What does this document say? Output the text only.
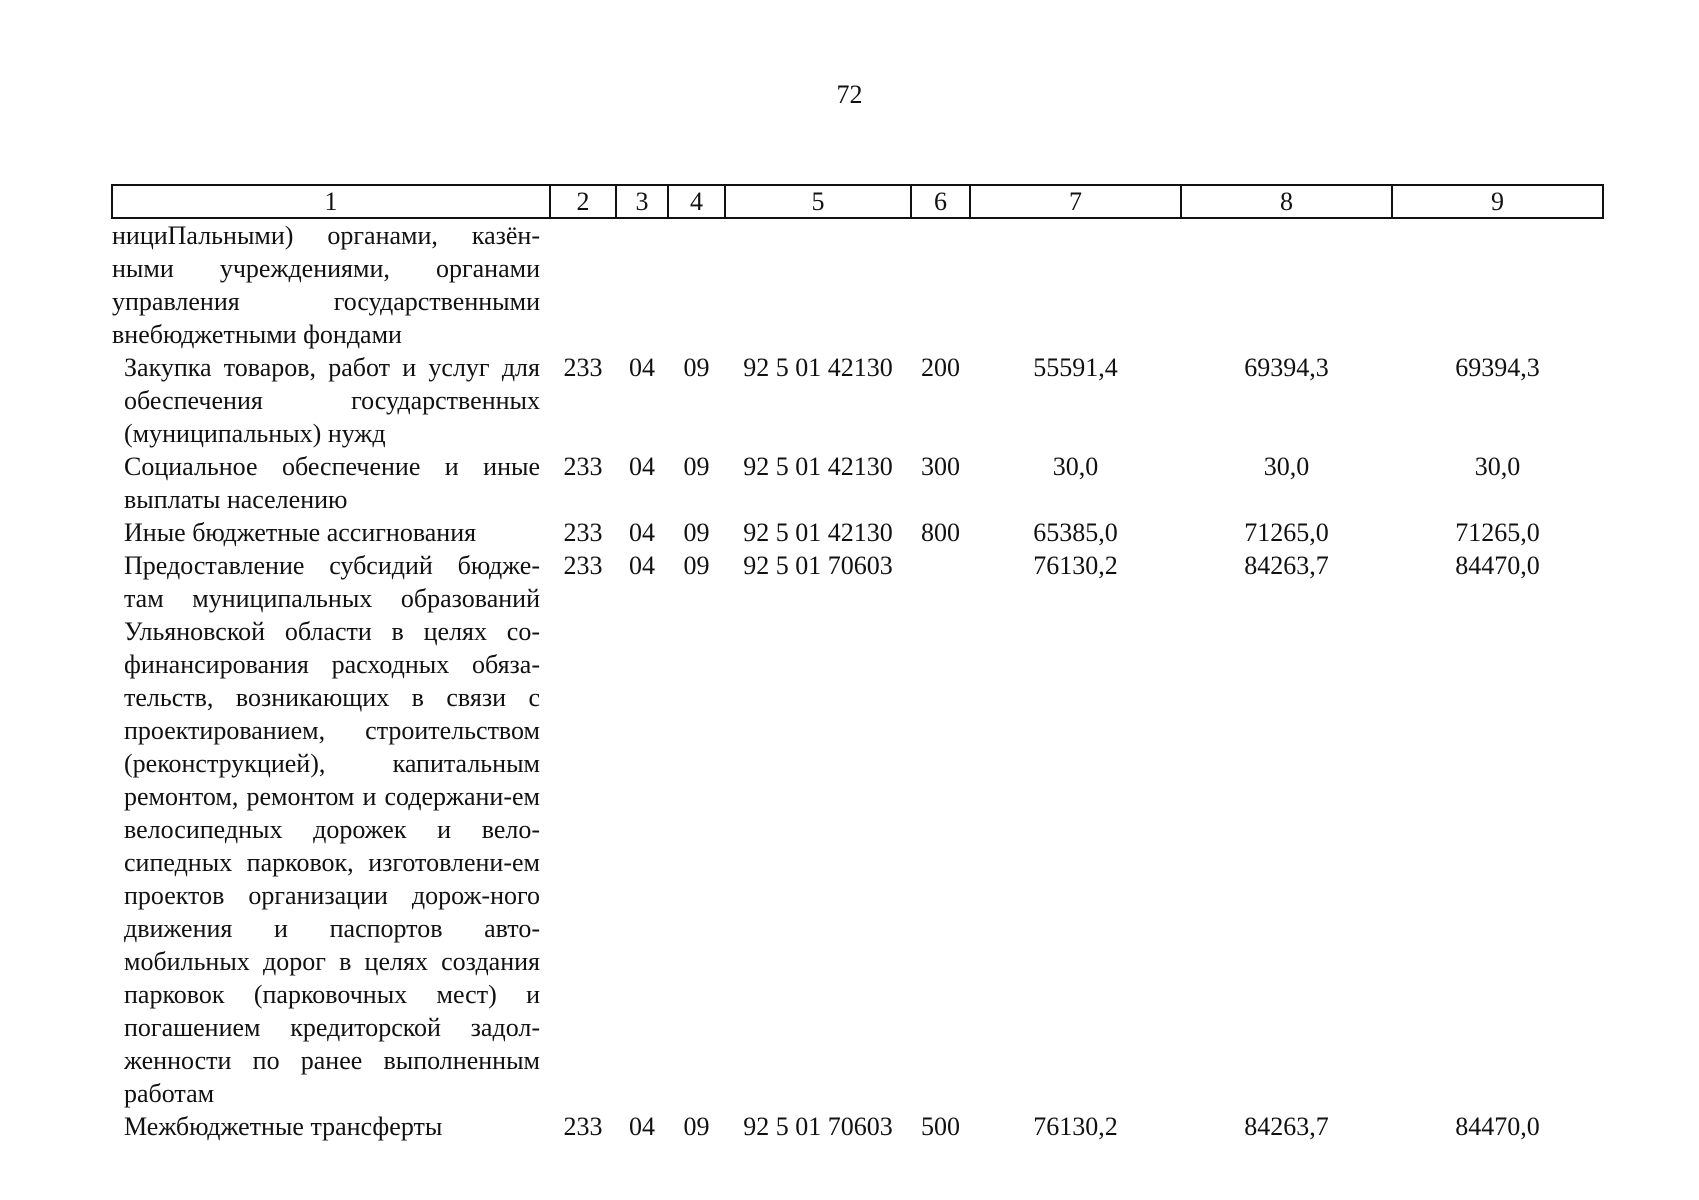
72
1	2	3	4	5	6	7	8	9
нициПальными) органами, казён-ными учреждениями, органами управления государственными внебюджетными фондами								
Закупка товаров, работ и услуг для обеспечения государственных (муниципальных) нужд	233	04	09	92 5 01 42130	200	55591,4	69394,3	69394,3
Социальное обеспечение и иные выплаты населению	233	04	09	92 5 01 42130	300	30,0	30,0	30,0
Иные бюджетные ассигнования	233	04	09	92 5 01 42130	800	65385,0	71265,0	71265,0
Предоставление субсидий бюдже-там муниципальных образований Ульяновской области в целях со-финансирования расходных обяза-тельств, возникающих в связи с проектированием, строительством (реконструкцией), капитальным ремонтом, ремонтом и содержани-ем велосипедных дорожек и вело-сипедных парковок, изготовлени-ем проектов организации дорож-ного движения и паспортов авто-мобильных дорог в целях создания парковок (парковочных мест) и погашением кредиторской задол-женности по ранее выполненным работам	233	04	09	92 5 01 70603		76130,2	84263,7	84470,0
Межбюджетные трансферты	233	04	09	92 5 01 70603	500	76130,2	84263,7	84470,0
